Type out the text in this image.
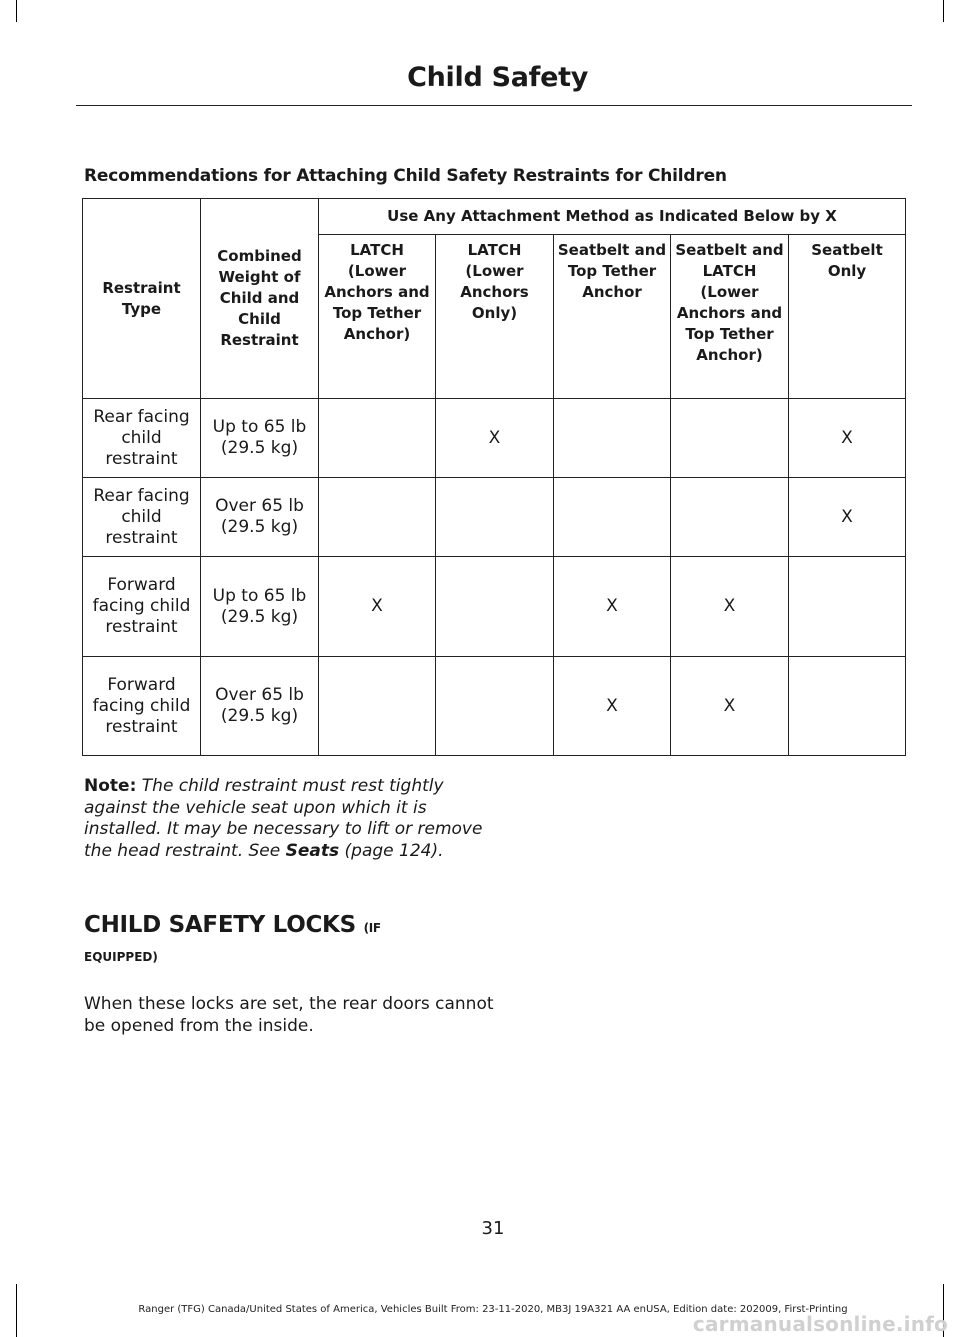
Child Safety
Recommendations for Attaching Child Safety Restraints for Children
Restraint Type	Combined Weight of Child and Child Restraint	Use Any Attachment Method as Indicated Below by X				
		LATCH (Lower Anchors and Top Tether Anchor)	LATCH (Lower Anchors Only)	Seatbelt and Top Tether Anchor	Seatbelt and LATCH (Lower Anchors and Top Tether Anchor)	Seatbelt Only
Rear facing child restraint	Up to 65 lb (29.5 kg)		X			X
Rear facing child restraint	Over 65 lb (29.5 kg)					X
Forward facing child restraint	Up to 65 lb (29.5 kg)	X		X	X	
Forward facing child restraint	Over 65 lb (29.5 kg)			X	X	
Note: The child restraint must rest tightly against the vehicle seat upon which it is installed. It may be necessary to lift or remove the head restraint. See Seats (page 124).
CHILD SAFETY LOCKS (IF
EQUIPPED)
When these locks are set, the rear doors cannot be opened from the inside.
31
Ranger (TFG) Canada/United States of America, Vehicles Built From: 23-11-2020, MB3J 19A321 AA enUSA, Edition date: 202009, First-Printing
carmanualsonline.info
